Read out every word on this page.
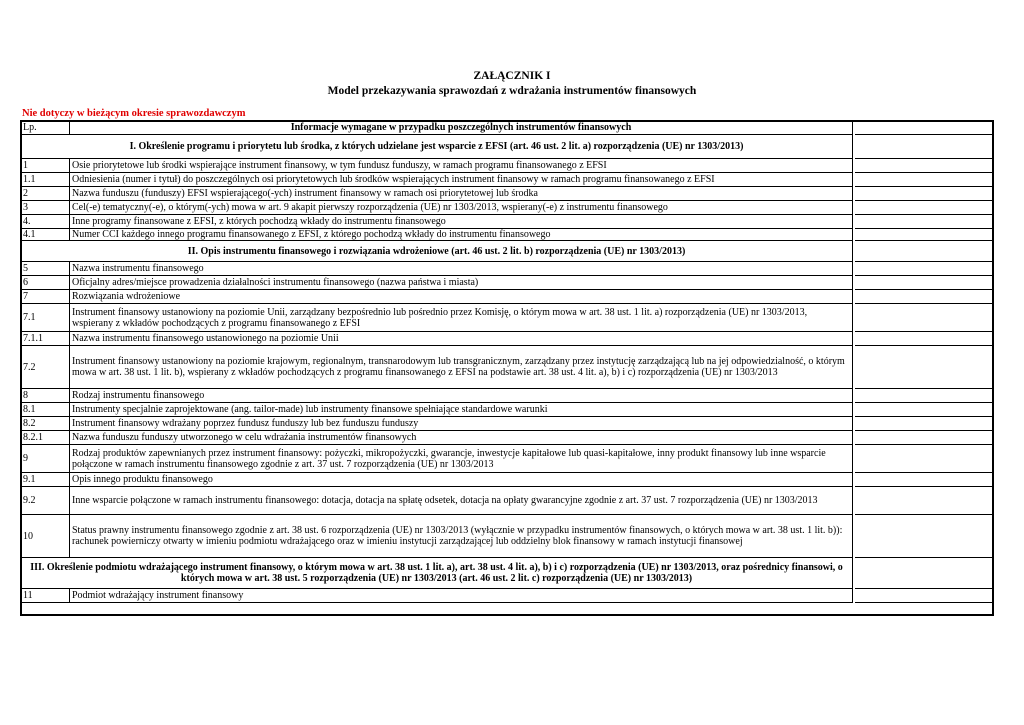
ZAŁĄCZNIK I
Model przekazywania sprawozdań z wdrażania instrumentów finansowych
Nie dotyczy w bieżącym okresie sprawozdawczym
Lp.	Informacje wymagane w przypadku poszczególnych instrumentów finansowych
I. Określenie programu i priorytetu lub środka, z których udzielane jest wsparcie z EFSI (art. 46 ust. 2 lit. a) rozporządzenia (UE) nr 1303/2013)	
1	Osie priorytetowe lub środki wspierające instrument finansowy, w tym fundusz funduszy, w ramach programu finansowanego z EFSI
1.1	Odniesienia (numer i tytuł) do poszczególnych osi priorytetowych lub środków wspierających instrument finansowy w ramach programu finansowanego z EFSI
2	Nazwa funduszu (funduszy) EFSI wspierającego(-ych) instrument finansowy w ramach osi priorytetowej lub środka
3	Cel(-e) tematyczny(-e), o którym(-ych) mowa w art. 9 akapit pierwszy rozporządzenia (UE) nr 1303/2013, wspierany(-e) z instrumentu finansowego
4.	Inne programy finansowane z EFSI, z których pochodzą wkłady do instrumentu finansowego
4.1	Numer CCI każdego innego programu finansowanego z EFSI, z którego pochodzą wkłady do instrumentu finansowego
II. Opis instrumentu finansowego i rozwiązania wdrożeniowe (art. 46 ust. 2 lit. b) rozporządzenia (UE) nr 1303/2013)	
5	Nazwa instrumentu finansowego
6	Oficjalny adres/miejsce prowadzenia działalności instrumentu finansowego (nazwa państwa i miasta)
7	Rozwiązania wdrożeniowe
7.1	Instrument finansowy ustanowiony na poziomie Unii, zarządzany bezpośrednio lub pośrednio przez Komisję, o którym mowa w art. 38 ust. 1 lit. a) rozporządzenia (UE) nr 1303/2013, wspierany z wkładów pochodzących z programu finansowanego z EFSI
7.1.1	Nazwa instrumentu finansowego ustanowionego na poziomie Unii
7.2	Instrument finansowy ustanowiony na poziomie krajowym, regionalnym, transnarodowym lub transgranicznym, zarządzany przez instytucję zarządzającą lub na jej odpowiedzialność, o którym mowa w art. 38 ust. 1 lit. b), wspierany z wkładów pochodzących z programu finansowanego z EFSI na podstawie art. 38 ust. 4 lit. a), b) i c) rozporządzenia (UE) nr 1303/2013
8	Rodzaj instrumentu finansowego
8.1	Instrumenty specjalnie zaprojektowane (ang. tailor-made) lub instrumenty finansowe spełniające standardowe warunki
8.2	Instrument finansowy wdrażany poprzez fundusz funduszy lub bez funduszu funduszy
8.2.1	Nazwa funduszu funduszy utworzonego w celu wdrażania instrumentów finansowych
9	Rodzaj produktów zapewnianych przez instrument finansowy: pożyczki, mikropożyczki, gwarancje, inwestycje kapitałowe lub quasi-kapitałowe, inny produkt finansowy lub inne wsparcie połączone w ramach instrumentu finansowego zgodnie z art. 37 ust. 7 rozporządzenia (UE) nr 1303/2013
9.1	Opis innego produktu finansowego
9.2	Inne wsparcie połączone w ramach instrumentu finansowego: dotacja, dotacja na spłatę odsetek, dotacja na opłaty gwarancyjne zgodnie z art. 37 ust. 7 rozporządzenia (UE) nr 1303/2013
10	Status prawny instrumentu finansowego zgodnie z art. 38 ust. 6 rozporządzenia (UE) nr 1303/2013 (wyłącznie w przypadku instrumentów finansowych, o których mowa w art. 38 ust. 1 lit. b)): rachunek powierniczy otwarty w imieniu podmiotu wdrażającego oraz w imieniu instytucji zarządzającej lub oddzielny blok finansowy w ramach instytucji finansowej
III. Określenie podmiotu wdrażającego instrument finansowy, o którym mowa w art. 38 ust. 1 lit. a), art. 38 ust. 4 lit. a), b) i c) rozporządzenia (UE) nr 1303/2013, oraz pośrednicy finansowi, o których mowa w art. 38 ust. 5 rozporządzenia (UE) nr 1303/2013 (art. 46 ust. 2 lit. c) rozporządzenia (UE) nr 1303/2013)	
11	Podmiot wdrażający instrument finansowy
